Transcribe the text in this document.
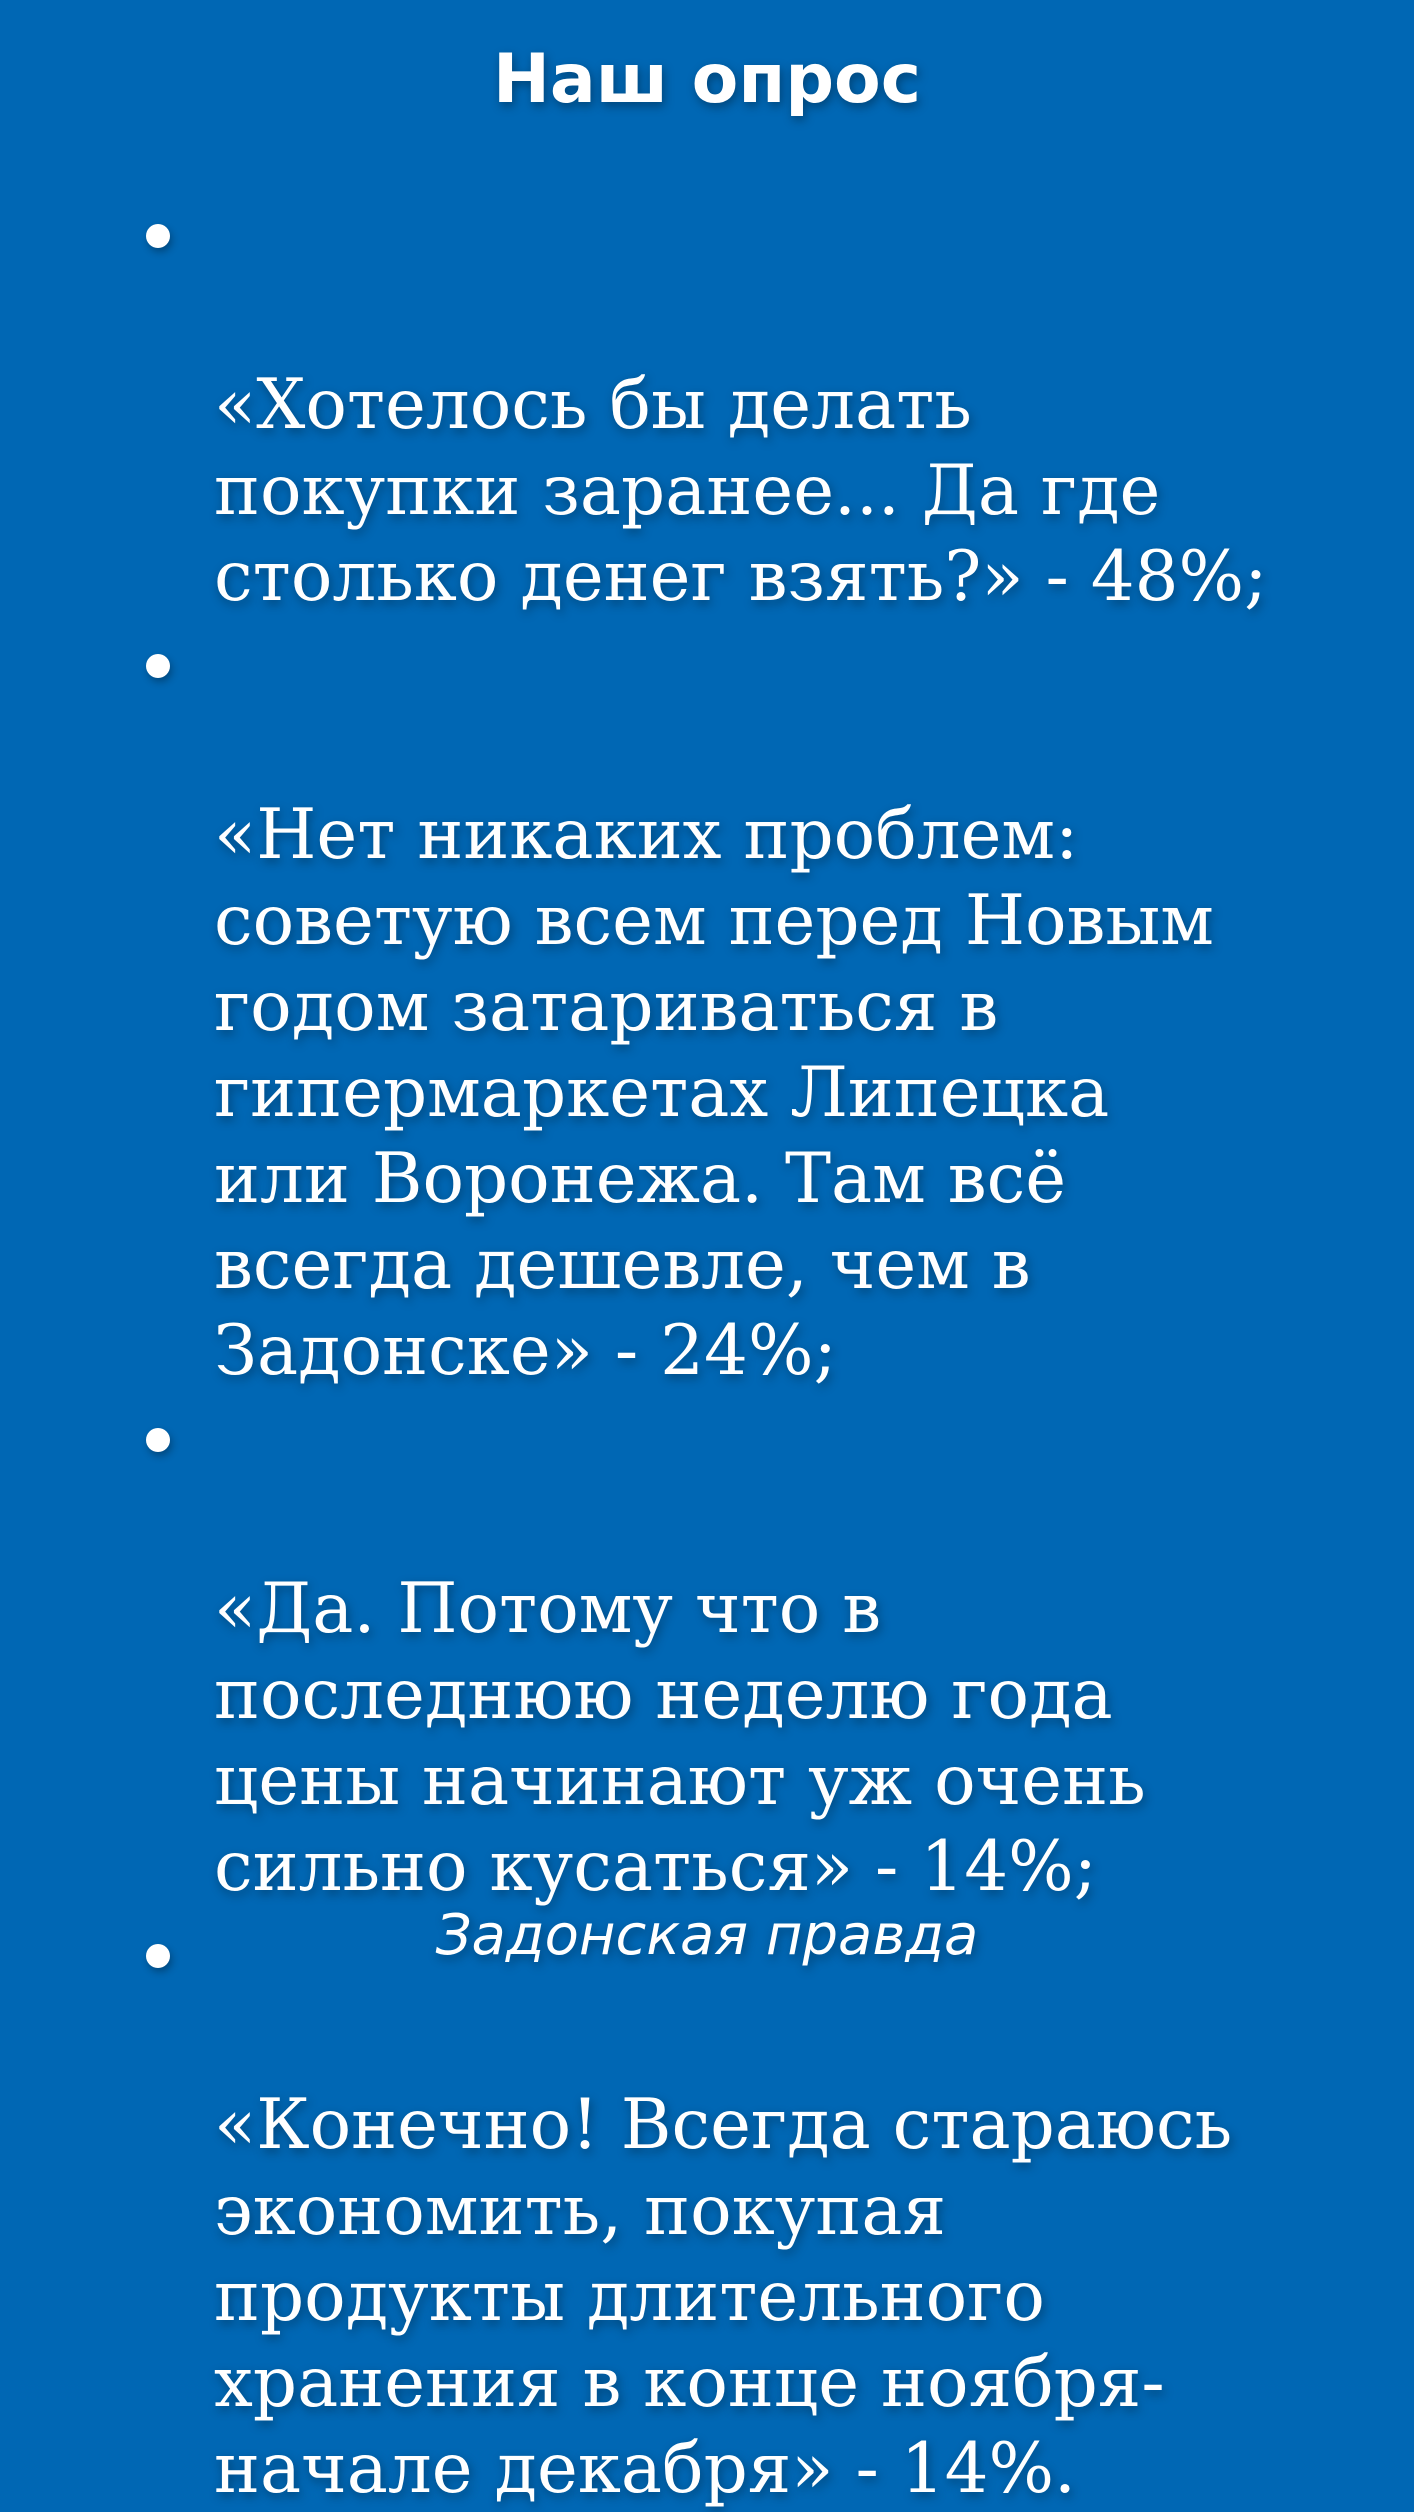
Наш опрос

«Хотелось бы делать
покупки заранее... Да где
столько денег взять?» - 48%;

«Нет никаких проблем:
советую всем перед Новым
годом затариваться в
гипермаркетах Липецка
или Воронежа. Там всё
всегда дешевле, чем в
Задонске» - 24%;

«Да. Потому что в
последнюю неделю года
цены начинают уж очень
сильно кусаться» - 14%;

«Конечно! Всегда стараюсь
экономить, покупая
продукты длительного
хранения в конце ноября-
начале декабря» - 14%.

Задонская правда
